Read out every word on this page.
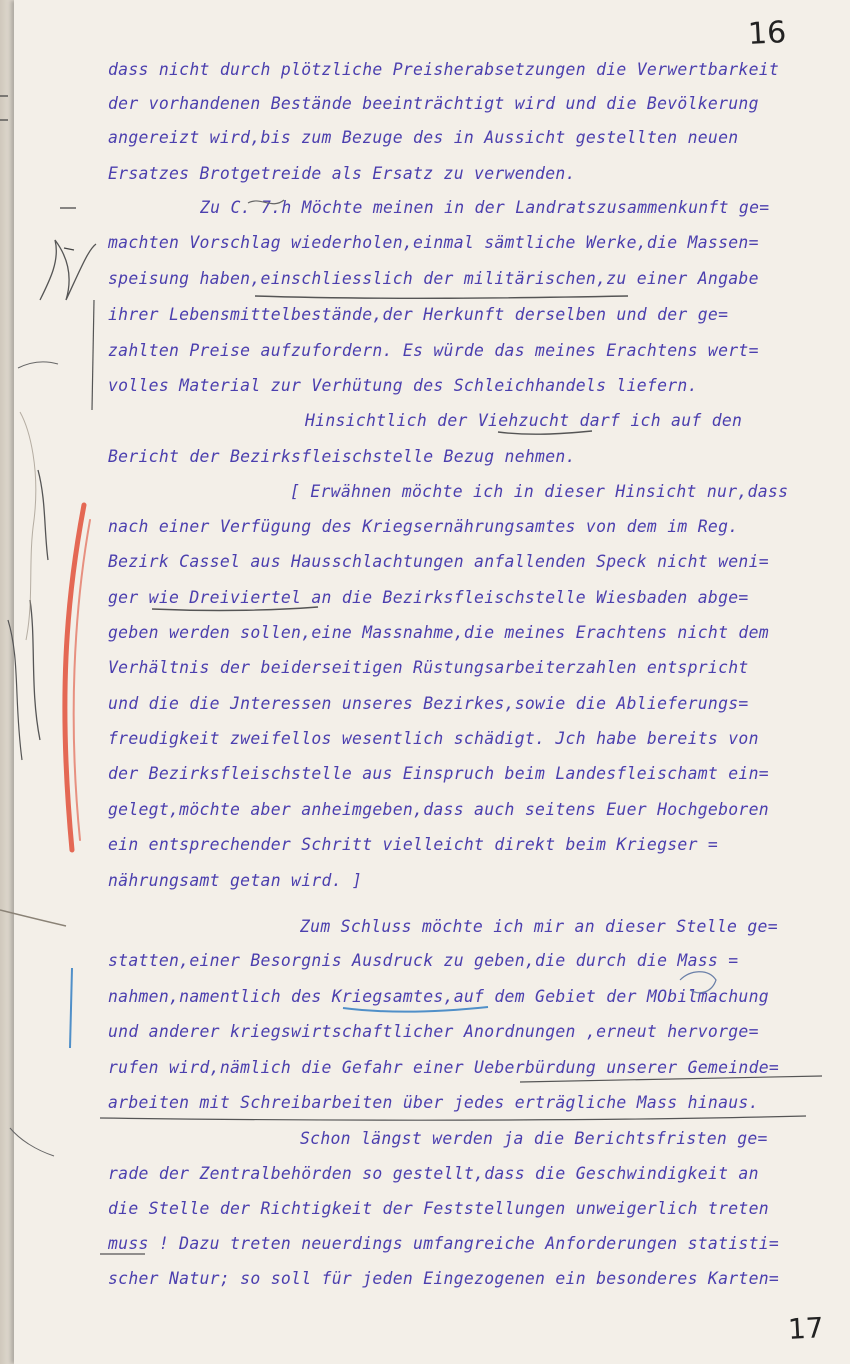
16
17
dass nicht durch plötzliche Preisherabsetzungen die Verwertbarkeit
der vorhandenen Bestände beeinträchtigt wird und die Bevölkerung
angereizt wird,bis zum Bezuge des in Aussicht gestellten neuen
Ersatzes Brotgetreide als Ersatz zu verwenden.
Zu C. 7.h Möchte meinen in der Landratszusammenkunft ge=
machten Vorschlag wiederholen,einmal sämtliche Werke,die Massen=
speisung haben,einschliesslich der militärischen,zu einer Angabe
ihrer Lebensmittelbestände,der Herkunft derselben und der ge=
zahlten Preise aufzufordern. Es würde das meines Erachtens wert=
volles Material zur Verhütung des Schleichhandels liefern.
Hinsichtlich der Viehzucht darf ich auf den
Bericht der Bezirksfleischstelle Bezug nehmen.
[ Erwähnen möchte ich in dieser Hinsicht nur,dass
nach einer Verfügung des Kriegsernährungsamtes von dem im Reg.
Bezirk Cassel aus Hausschlachtungen anfallenden Speck nicht weni=
ger wie Dreiviertel an die Bezirksfleischstelle Wiesbaden abge=
geben werden sollen,eine Massnahme,die meines Erachtens nicht dem
Verhältnis der beiderseitigen Rüstungsarbeiterzahlen entspricht
und die die Jnteressen unseres Bezirkes,sowie die Ablieferungs=
freudigkeit zweifellos wesentlich schädigt. Jch habe bereits von
der Bezirksfleischstelle aus Einspruch beim Landesfleischamt ein=
gelegt,möchte aber anheimgeben,dass auch seitens Euer Hochgeboren
ein entsprechender Schritt vielleicht direkt beim Kriegser =
nährungsamt getan wird. ]
Zum Schluss möchte ich mir an dieser Stelle ge=
statten,einer Besorgnis Ausdruck zu geben,die durch die Mass =
nahmen,namentlich des Kriegsamtes,auf dem Gebiet der MObilmachung
und anderer kriegswirtschaftlicher Anordnungen ,erneut hervorge=
rufen wird,nämlich die Gefahr einer Ueberbürdung unserer Gemeinde=
arbeiten mit Schreibarbeiten über jedes erträgliche Mass hinaus.
Schon längst werden ja die Berichtsfristen ge=
rade der Zentralbehörden so gestellt,dass die Geschwindigkeit an
die Stelle der Richtigkeit der Feststellungen unweigerlich treten
muss ! Dazu treten neuerdings umfangreiche Anforderungen statisti=
scher Natur; so soll für jeden Eingezogenen ein besonderes Karten=
